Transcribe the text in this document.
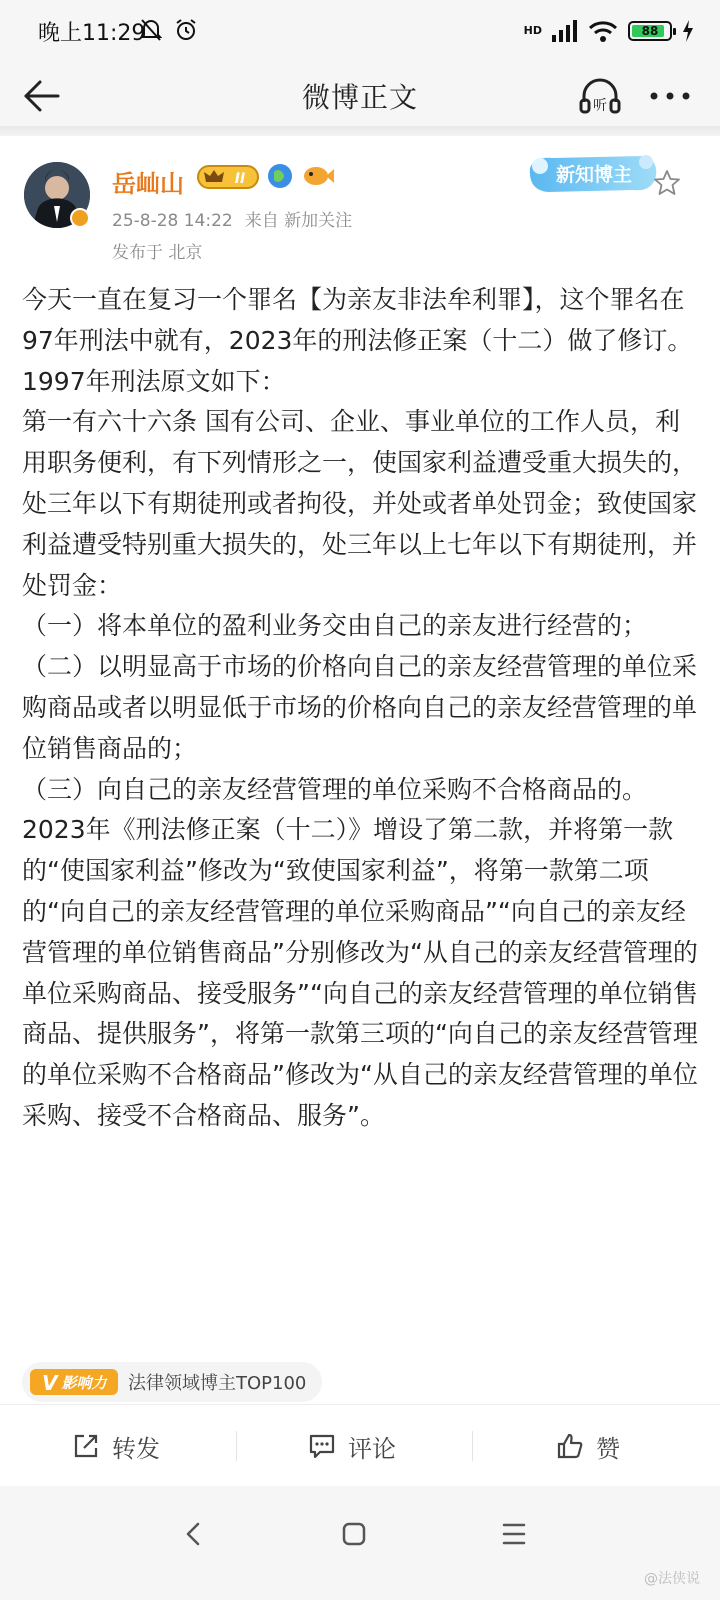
晚上11:29	HD	88
微博正文	听
岳屾山	II
25-8-28 14:22 来自 新加关注
发布于 北京
新知博主

今天一直在复习一个罪名【为亲友非法牟利罪】，这个罪名在97年刑法中就有，2023年的刑法修正案（十二）做了修订。

1997年刑法原文如下：

第一有六十六条 国有公司、企业、事业单位的工作人员，利用职务便利，有下列情形之一，使国家利益遭受重大损失的，处三年以下有期徒刑或者拘役，并处或者单处罚金；致使国家利益遭受特别重大损失的，处三年以上七年以下有期徒刑，并处罚金：

（一）将本单位的盈利业务交由自己的亲友进行经营的；

（二）以明显高于市场的价格向自己的亲友经营管理的单位采购商品或者以明显低于市场的价格向自己的亲友经营管理的单位销售商品的；

（三）向自己的亲友经营管理的单位采购不合格商品的。

2023年《刑法修正案（十二）》增设了第二款，并将第一款的“使国家利益”修改为“致使国家利益”，将第一款第二项的“向自己的亲友经营管理的单位采购商品”“向自己的亲友经营管理的单位销售商品”分别修改为“从自己的亲友经营管理的单位采购商品、接受服务”“向自己的亲友经营管理的单位销售商品、提供服务”，将第一款第三项的“向自己的亲友经营管理的单位采购不合格商品”修改为“从自己的亲友经营管理的单位采购、接受不合格商品、服务”。

V 影响力 法律领域博主TOP100
转发	评论	赞
@法侠说
